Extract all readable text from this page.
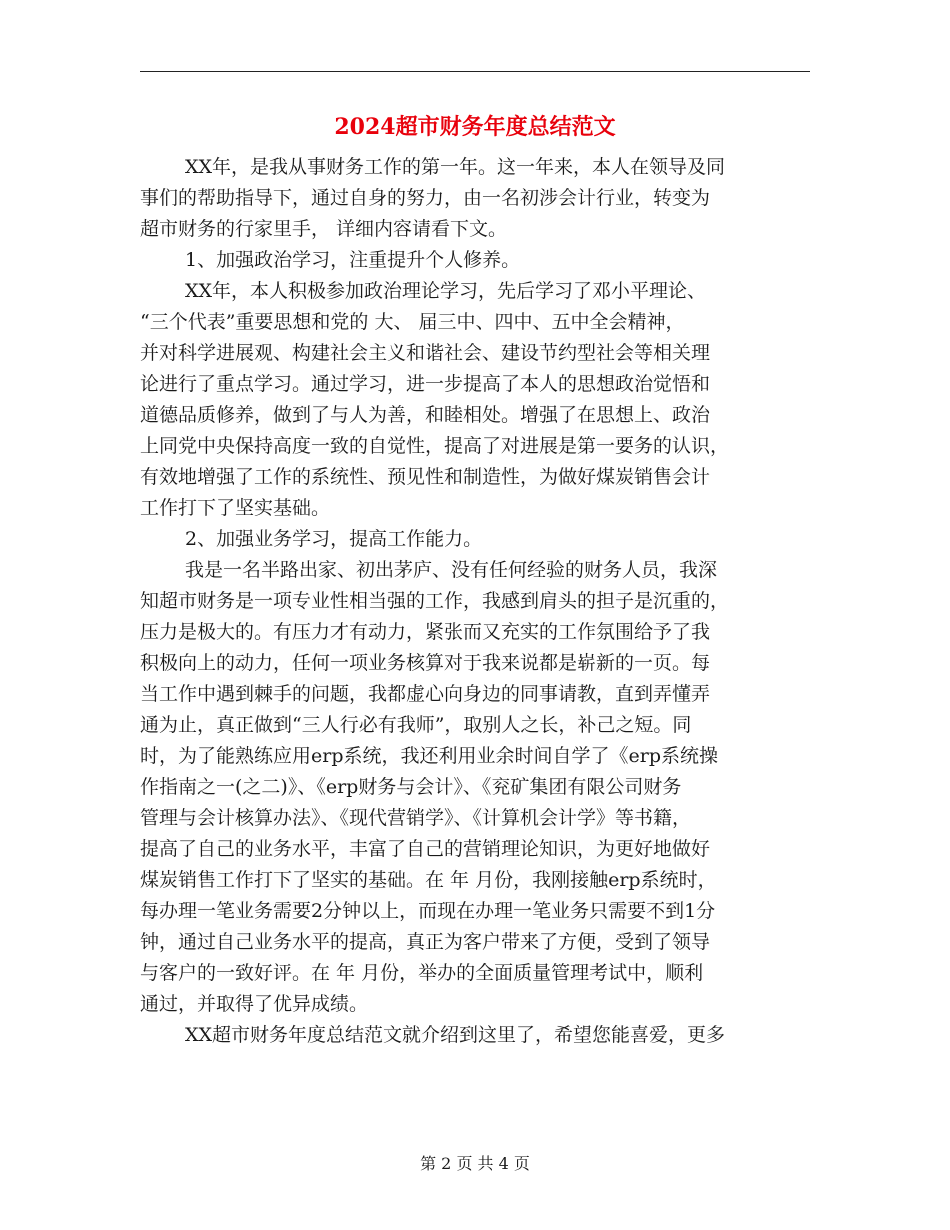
2024超市财务年度总结范文
XX年，是我从事财务工作的第一年。这一年来，本人在领导及同
事们的帮助指导下，通过自身的努力，由一名初涉会计行业，转变为
超市财务的行家里手， 详细内容请看下文。
1、加强政治学习，注重提升个人修养。
XX年，本人积极参加政治理论学习，先后学习了邓小平理论、
“三个代表”重要思想和党的 大、 届三中、四中、五中全会精神，
并对科学进展观、构建社会主义和谐社会、建设节约型社会等相关理
论进行了重点学习。通过学习，进一步提高了本人的思想政治觉悟和
道德品质修养，做到了与人为善，和睦相处。增强了在思想上、政治
上同党中央保持高度一致的自觉性，提高了对进展是第一要务的认识，
有效地增强了工作的系统性、预见性和制造性，为做好煤炭销售会计
工作打下了坚实基础。
2、加强业务学习，提高工作能力。
我是一名半路出家、初出茅庐、没有任何经验的财务人员，我深
知超市财务是一项专业性相当强的工作，我感到肩头的担子是沉重的，
压力是极大的。有压力才有动力，紧张而又充实的工作氛围给予了我
积极向上的动力，任何一项业务核算对于我来说都是崭新的一页。每
当工作中遇到棘手的问题，我都虚心向身边的同事请教，直到弄懂弄
通为止，真正做到“三人行必有我师”，取别人之长，补己之短。同
时，为了能熟练应用erp系统，我还利用业余时间自学了《erp系统操
作指南之一(之二)》、《erp财务与会计》、《兖矿集团有限公司财务
管理与会计核算办法》、《现代营销学》、《计算机会计学》等书籍，
提高了自己的业务水平，丰富了自己的营销理论知识，为更好地做好
煤炭销售工作打下了坚实的基础。在 年 月份，我刚接触erp系统时，
每办理一笔业务需要2分钟以上，而现在办理一笔业务只需要不到1分
钟，通过自己业务水平的提高，真正为客户带来了方便，受到了领导
与客户的一致好评。在 年 月份，举办的全面质量管理考试中，顺利
通过，并取得了优异成绩。
XX超市财务年度总结范文就介绍到这里了，希望您能喜爱，更多
第 2 页 共 4 页
